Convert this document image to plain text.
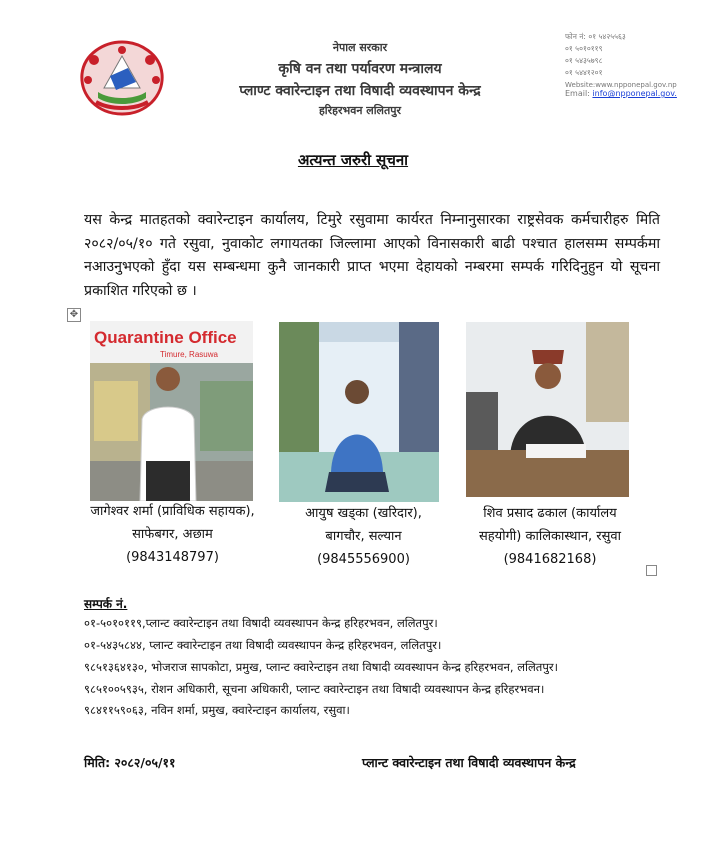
नेपाल सरकार
कृषि वन तथा पर्यावरण मन्त्रालय
प्लाण्ट क्वारेन्टाइन तथा विषादी व्यवस्थापन केन्द्र
हरिहरभवन ललितपुर
फोन नं: ०१ ५४२५५६३
०१ ५०१०११९
०१ ५४३५७९८
०१ ५४४१२०१
Website:www.npponepal.gov.np
Email: info@npponepal.gov.
अत्यन्त जरुरी सूचना
यस केन्द्र मातहतको क्वारेन्टाइन कार्यालय, टिमुरे रसुवामा कार्यरत निम्नानुसारका राष्ट्रसेवक कर्मचारीहरु मिति २०८२/०५/१० गते रसुवा, नुवाकोट लगायतका जिल्लामा आएको विनासकारी बाढी पश्चात हालसम्म सम्पर्कमा नआउनुभएको हुँदा यस सम्बन्धमा कुनै जानकारी प्राप्त भएमा देहायको नम्बरमा सम्पर्क गरिदिनुहुन यो सूचना प्रकाशित गरिएको छ ।
✥
Quarantine Office
Timure, Rasuwa
जागेश्वर शर्मा (प्राविधिक सहायक),
साफेबगर, अछाम
(9843148797)
आयुष खड्का (खरिदार),
बागचौर, सल्यान
(9845556900)
शिव प्रसाद ढकाल (कार्यालय
सहयोगी) कालिकास्थान, रसुवा
(9841682168)
सम्पर्क नं.
०१-५०१०११९,प्लान्ट क्वारेन्टाइन तथा विषादी व्यवस्थापन केन्द्र हरिहरभवन, ललितपुर।
०१-५४३५८४४, प्लान्ट क्वारेन्टाइन तथा विषादी व्यवस्थापन केन्द्र हरिहरभवन, ललितपुर।
९८५१३६४१३०, भोजराज सापकोटा, प्रमुख, प्लान्ट क्वारेन्टाइन तथा विषादी व्यवस्थापन केन्द्र हरिहरभवन, ललितपुर।
९८५१००५९३५, रोशन अधिकारी, सूचना अधिकारी, प्लान्ट क्वारेन्टाइन तथा विषादी व्यवस्थापन केन्द्र हरिहरभवन।
९८४११५९०६३, नविन शर्मा, प्रमुख, क्वारेन्टाइन कार्यालय, रसुवा।
मिति: २०८२/०५/११	प्लान्ट क्वारेन्टाइन तथा विषादी व्यवस्थापन केन्द्र
